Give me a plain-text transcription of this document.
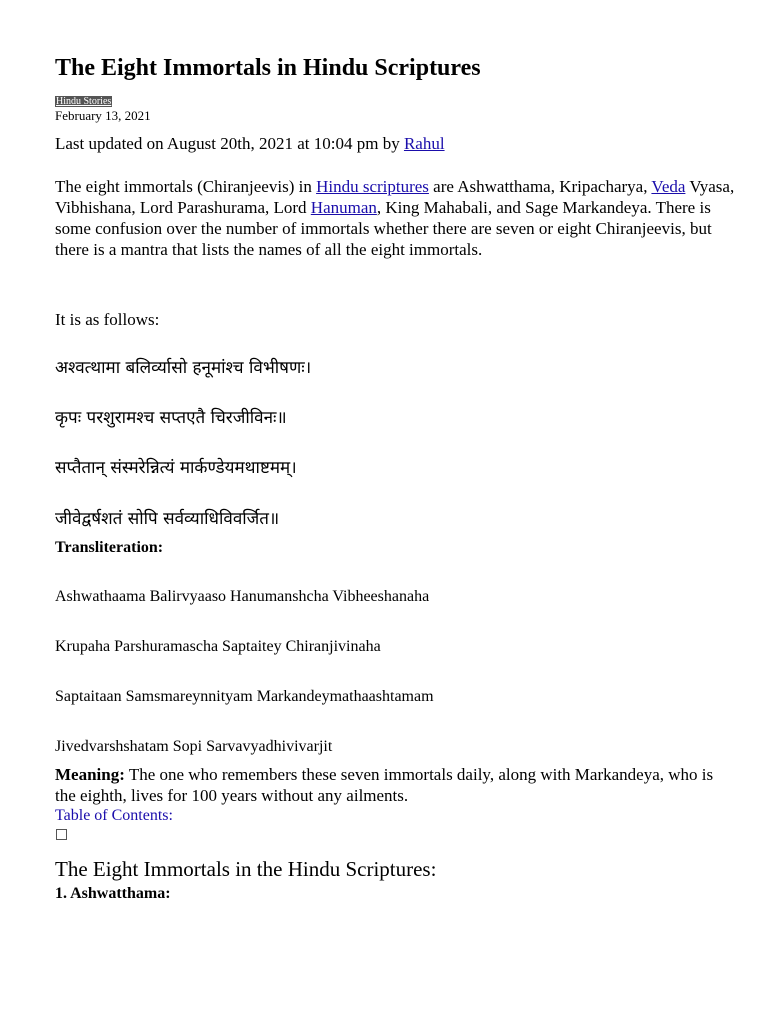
The Eight Immortals in Hindu Scriptures
Hindu Stories
February 13, 2021
Last updated on August 20th, 2021 at 10:04 pm by Rahul

The eight immortals (Chiranjeevis) in Hindu scriptures are Ashwatthama, Kripacharya, Veda Vyasa, Vibhishana, Lord Parashurama, Lord Hanuman, King Mahabali, and Sage Markandeya. There is some confusion over the number of immortals whether there are seven or eight Chiranjeevis, but there is a mantra that lists the names of all the eight immortals.

It is as follows:
अश्वत्थामा बलिर्व्यासो हनूमांश्च विभीषणः।
कृपः परशुरामश्च सप्तएतै चिरजीविनः॥
सप्तैतान् संस्मरेन्नित्यं मार्कण्डेयमथाष्टमम्।
जीवेद्वर्षशतं सोपि सर्वव्याधिविवर्जित॥
Transliteration:
Ashwathaama Balirvyaaso Hanumanshcha Vibheeshanaha
Krupaha Parshuramascha Saptaitey Chiranjivinaha
Saptaitaan Samsmareynnityam Markandeymathaashtamam
Jivedvarshshatam Sopi Sarvavyadhivivarjit

Meaning: The one who remembers these seven immortals daily, along with Markandeya, who is the eighth, lives for 100 years without any ailments.

Table of Contents:
The Eight Immortals in the Hindu Scriptures:
1. Ashwatthama:
